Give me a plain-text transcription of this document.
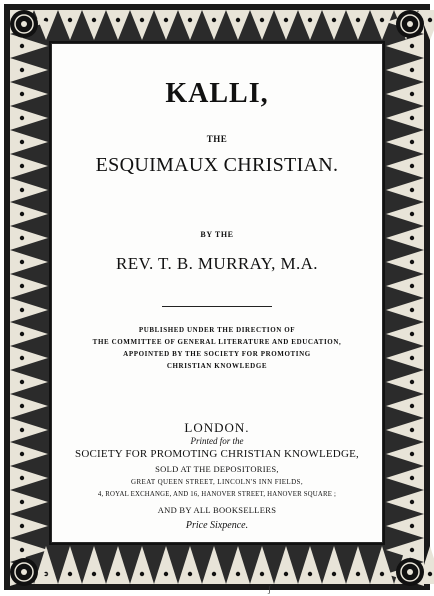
KALLI,
THE
ESQUIMAUX CHRISTIAN.
BY THE
REV. T. B. MURRAY, M.A.
PUBLISHED UNDER THE DIRECTION OF
THE COMMITTEE OF GENERAL LITERATURE AND EDUCATION,
APPOINTED BY THE SOCIETY FOR PROMOTING
CHRISTIAN KNOWLEDGE
LONDON.
Printed for the
SOCIETY FOR PROMOTING CHRISTIAN KNOWLEDGE,
SOLD AT THE DEPOSITORIES,
GREAT QUEEN STREET, LINCOLN'S INN FIELDS,
4, ROYAL EXCHANGE, AND 16, HANOVER STREET, HANOVER SQUARE ;
AND BY ALL BOOKSELLERS
Price Sixpence.
ʃ
